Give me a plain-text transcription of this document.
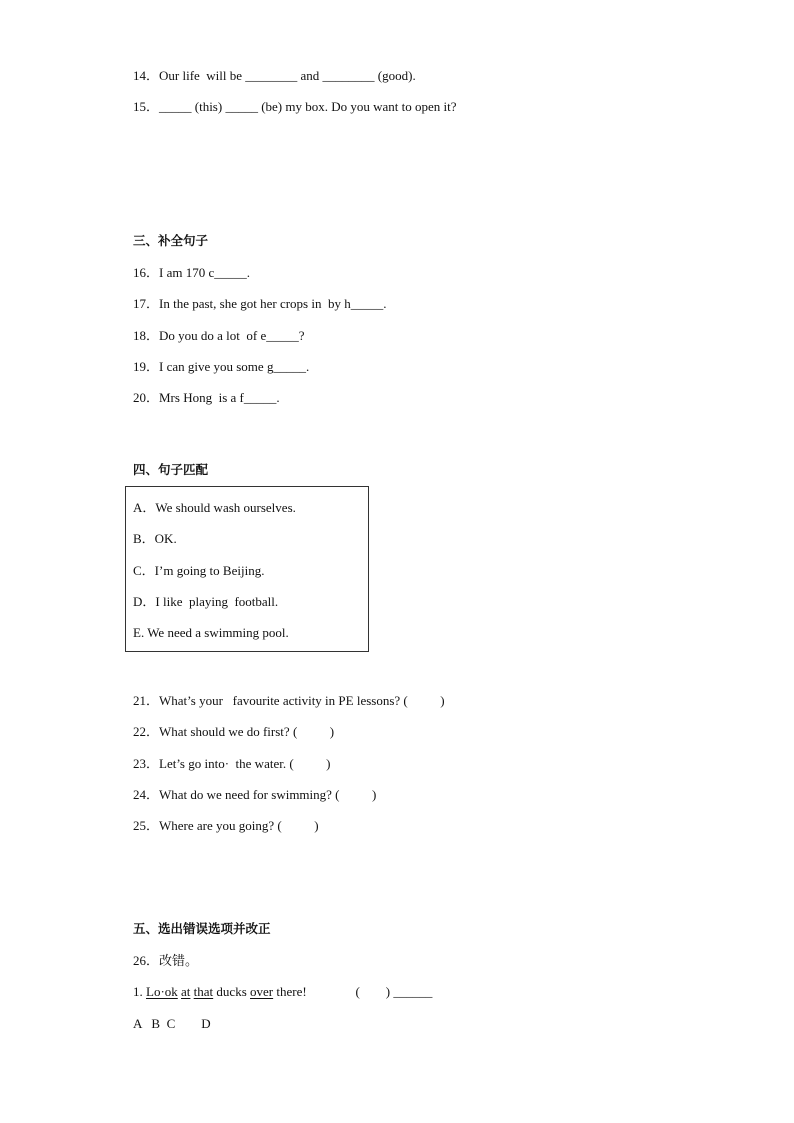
14．Our life  will be ________ and ________ (good).
15．_____ (this) _____ (be) my box. Do you want to open it?
三、补全句子
16．I am 170 c_____.
17．In the past, she got her crops in  by h_____.
18．Do you do a lot  of e_____?
19．I can give you some g_____.
20．Mrs Hong  is a f_____.
四、句子匹配
A．We should wash ourselves.
B．OK.
C．I’m going to Beijing.
D．I like  playing  football.
E. We need a swimming pool.
21．What’s your   favourite activity in PE lessons? (          )
22．What should we do first? (          )
23．Let’s go into·  the water. (          )
24．What do we need for swimming? (          )
25．Where are you going? (          )
五、选出错误选项并改正
26．改错。
1. Lo·ok at that ducks over there!               (        ) ______
A   B  C        D
